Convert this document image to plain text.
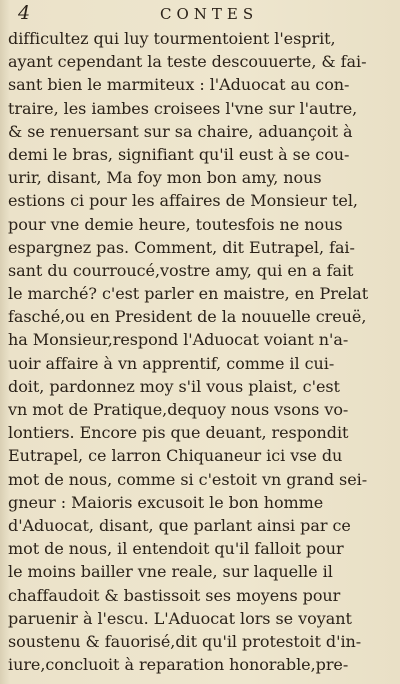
4	CONTES
difficultez qui luy tourmentoient l'esprit,
ayant cependant la teste descouuerte, & fai-
sant bien le marmiteux : l'Aduocat au con-
traire, les iambes croisees l'vne sur l'autre,
& se renuersant sur sa chaire, aduançoit à
demi le bras, signifiant qu'il eust à se cou-
urir, disant, Ma foy mon bon amy, nous
estions ci pour les affaires de Monsieur tel,
pour vne demie heure, toutesfois ne nous
espargnez pas. Comment, dit Eutrapel, fai-
sant du courroucé,vostre amy, qui en a fait
le marché? c'est parler en maistre, en Prelat
fasché,ou en President de la nouuelle creuë,
ha Monsieur,respond l'Aduocat voiant n'a-
uoir affaire à vn apprentif, comme il cui-
doit, pardonnez moy s'il vous plaist, c'est
vn mot de Pratique,dequoy nous vsons vo-
lontiers. Encore pis que deuant, respondit
Eutrapel, ce larron Chiquaneur ici vse du
mot de nous, comme si c'estoit vn grand sei-
gneur : Maioris excusoit le bon homme
d'Aduocat, disant, que parlant ainsi par ce
mot de nous, il entendoit qu'il falloit pour
le moins bailler vne reale, sur laquelle il
chaffaudoit & bastissoit ses moyens pour
paruenir à l'escu. L'Aduocat lors se voyant
soustenu & fauorisé,dit qu'il protestoit d'in-
iure,concluoit à reparation honorable,pre-
